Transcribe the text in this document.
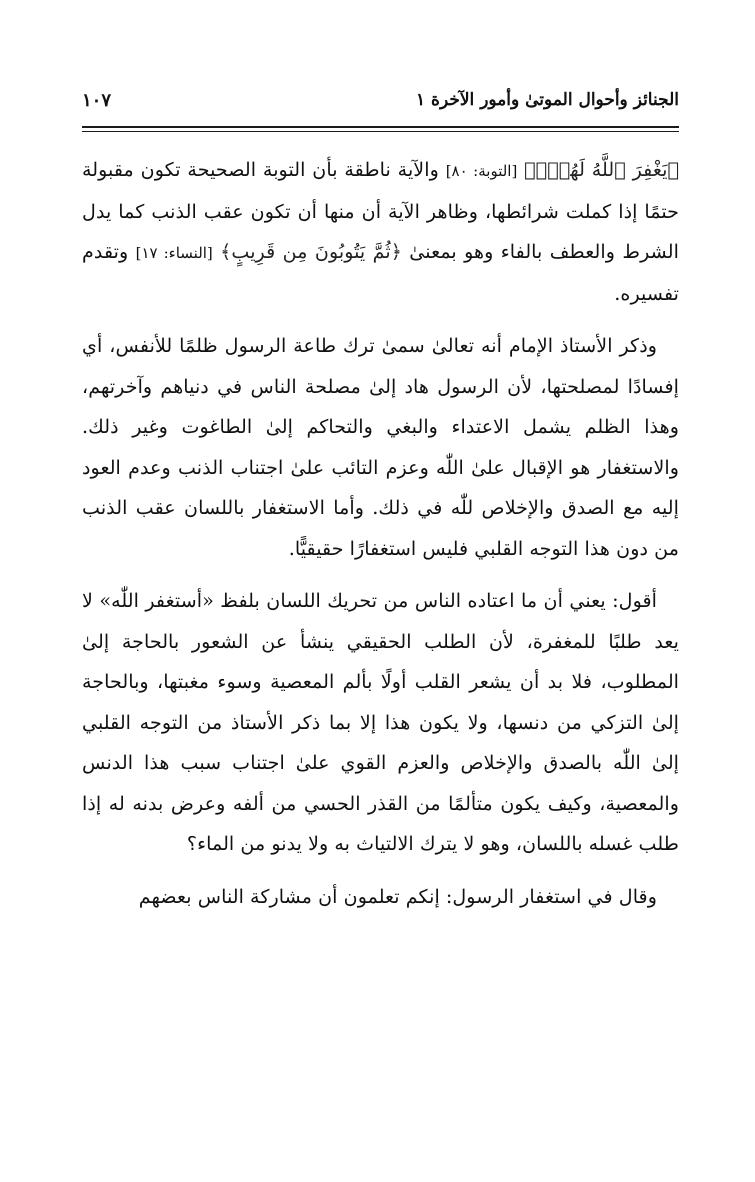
الجنائز وأحوال الموتىٰ وأمور الآخرة ١
١٠٧

﴿يَغْفِرَ ٱللَّهُ لَهُمْۚ﴾ [التوبة: ٨٠] والآية ناطقة بأن التوبة الصحيحة تكون مقبولة حتمًا إذا كملت شرائطها، وظاهر الآية أن منها أن تكون عقب الذنب كما يدل الشرط والعطف بالفاء وهو بمعنىٰ ﴿ثُمَّ يَتُوبُونَ مِن قَرِيبٍ﴾ [النساء: ١٧] وتقدم تفسيره.

وذكر الأستاذ الإمام أنه تعالىٰ سمىٰ ترك طاعة الرسول ظلمًا للأنفس، أي إفسادًا لمصلحتها، لأن الرسول هاد إلىٰ مصلحة الناس في دنياهم وآخرتهم، وهذا الظلم يشمل الاعتداء والبغي والتحاكم إلىٰ الطاغوت وغير ذلك. والاستغفار هو الإقبال علىٰ اللّٰه وعزم التائب علىٰ اجتناب الذنب وعدم العود إليه مع الصدق والإخلاص للّٰه في ذلك. وأما الاستغفار باللسان عقب الذنب من دون هذا التوجه القلبي فليس استغفارًا حقيقيًّا.

أقول: يعني أن ما اعتاده الناس من تحريك اللسان بلفظ «أستغفر اللّٰه» لا يعد طلبًا للمغفرة، لأن الطلب الحقيقي ينشأ عن الشعور بالحاجة إلىٰ المطلوب، فلا بد أن يشعر القلب أولًا بألم المعصية وسوء مغبتها، وبالحاجة إلىٰ التزكي من دنسها، ولا يكون هذا إلا بما ذكر الأستاذ من التوجه القلبي إلىٰ اللّٰه بالصدق والإخلاص والعزم القوي علىٰ اجتناب سبب هذا الدنس والمعصية، وكيف يكون متألمًا من القذر الحسي من ألفه وعرض بدنه له إذا طلب غسله باللسان، وهو لا يترك الالتياث به ولا يدنو من الماء؟

وقال في استغفار الرسول: إنكم تعلمون أن مشاركة الناس بعضهم
